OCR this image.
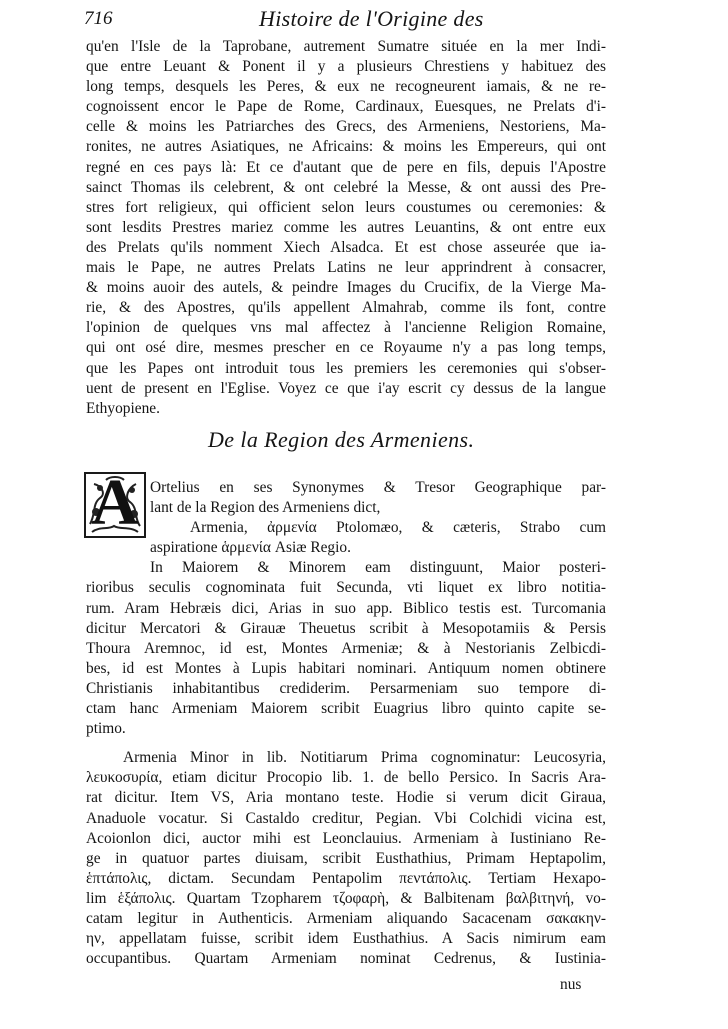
716	Histoire de l'Origine des
qu'en l'Isle de la Taprobane, autrement Sumatre située en la mer Indi-
que entre Leuant & Ponent il y a plusieurs Chrestiens y habituez des
long temps, desquels les Peres, & eux ne recogneurent iamais, & ne re-
cognoissent encor le Pape de Rome, Cardinaux, Euesques, ne Prelats d'i-
celle & moins les Patriarches des Grecs, des Armeniens, Nestoriens, Ma-
ronites, ne autres Asiatiques, ne Africains: & moins les Empereurs, qui ont
regné en ces pays là: Et ce d'autant que de pere en fils, depuis l'Apostre
sainct Thomas ils celebrent, & ont celebré la Messe, & ont aussi des Pre-
stres fort religieux, qui officient selon leurs coustumes ou ceremonies: &
sont lesdits Prestres mariez comme les autres Leuantins, & ont entre eux
des Prelats qu'ils nomment Xiech Alsadca. Et est chose asseurée que ia-
mais le Pape, ne autres Prelats Latins ne leur apprindrent à consacrer,
& moins auoir des autels, & peindre Images du Crucifix, de la Vierge Ma-
rie, & des Apostres, qu'ils appellent Almahrab, comme ils font, contre
l'opinion de quelques vns mal affectez à l'ancienne Religion Romaine,
qui ont osé dire, mesmes prescher en ce Royaume n'y a pas long temps,
que les Papes ont introduit tous les premiers les ceremonies qui s'obser-
uent de present en l'Eglise. Voyez ce que i'ay escrit cy dessus de la langue
Ethyopiene.
De la Region des Armeniens.
A Ortelius en ses Synonymes & Tresor Geographique par-
lant de la Region des Armeniens dict,
Armenia, ἀρμενία Ptolomæo, & cæteris, Strabo cum
aspiratione ἁρμενία Asiæ Regio.
In Maiorem & Minorem eam distinguunt, Maior posteri-
rioribus seculis cognominata fuit Secunda, vti liquet ex libro notitia-
rum. Aram Hebræis dici, Arias in suo app. Biblico testis est. Turcomania
dicitur Mercatori & Girauæ Theuetus scribit à Mesopotamiis & Persis
Thoura Aremnoc, id est, Montes Armeniæ; & à Nestorianis Zelbicdi-
bes, id est Montes à Lupis habitari nominari. Antiquum nomen obtinere
Christianis inhabitantibus crediderim. Persarmeniam suo tempore di-
ctam hanc Armeniam Maiorem scribit Euagrius libro quinto capite se-
ptimo.
Armenia Minor in lib. Notitiarum Prima cognominatur: Leucosyria,
λευκοσυρία, etiam dicitur Procopio lib. 1. de bello Persico. In Sacris Ara-
rat dicitur. Item VS, Aria montano teste. Hodie si verum dicit Giraua,
Anaduole vocatur. Si Castaldo creditur, Pegian. Vbi Colchidi vicina est,
Acoionlon dici, auctor mihi est Leonclauius. Armeniam à Iustiniano Re-
ge in quatuor partes diuisam, scribit Eusthathius, Primam Heptapolim,
ἑπτάπολις, dictam. Secundam Pentapolim πεντάπολις. Tertiam Hexapo-
lim ἑξάπολις. Quartam Tzopharem τζοφαρὴ, & Balbitenam βαλβιτηνή, vo-
catam legitur in Authenticis. Armeniam aliquando Sacacenam σακακην-
ην, appellatam fuisse, scribit idem Eusthathius. A Sacis nimirum eam
occupantibus. Quartam Armeniam nominat Cedrenus, & Iustinia-
nus
